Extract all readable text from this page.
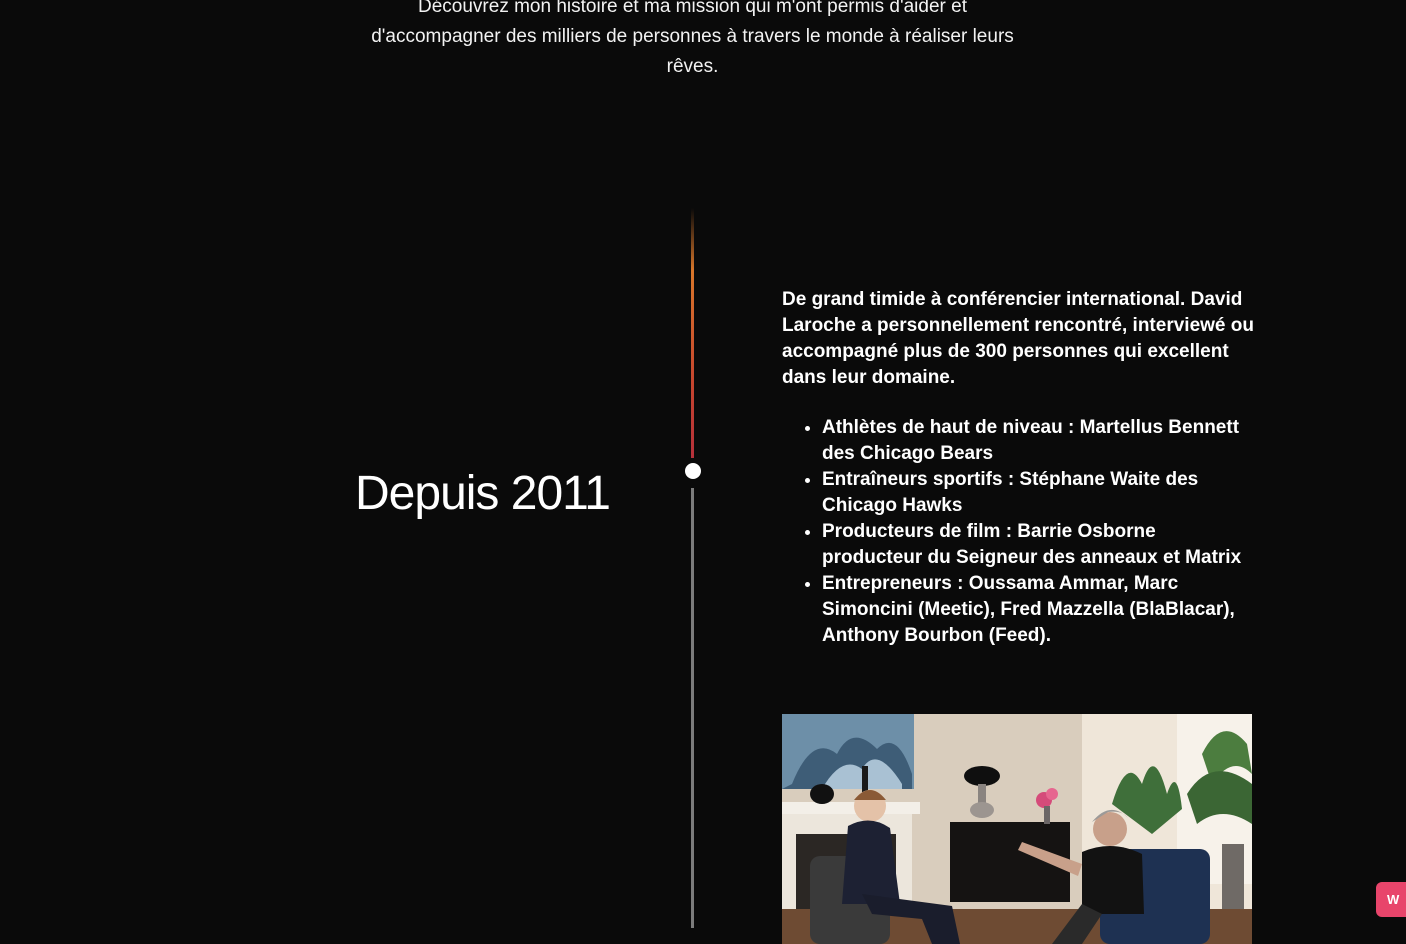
Découvrez mon histoire et ma mission qui m'ont permis d'aider et d'accompagner des milliers de personnes à travers le monde à réaliser leurs rêves.
Depuis 2011

De grand timide à conférencier international. David Laroche a personnellement rencontré, interviewé ou accompagné plus de 300 personnes qui excellent dans leur domaine.

• Athlètes de haut de niveau : Martellus Bennett des Chicago Bears
• Entraîneurs sportifs : Stéphane Waite des Chicago Hawks
• Producteurs de film : Barrie Osborne producteur du Seigneur des anneaux et Matrix
• Entrepreneurs : Oussama Ammar, Marc Simoncini (Meetic), Fred Mazzella (BlaBlacar), Anthony Bourbon (Feed).
W
